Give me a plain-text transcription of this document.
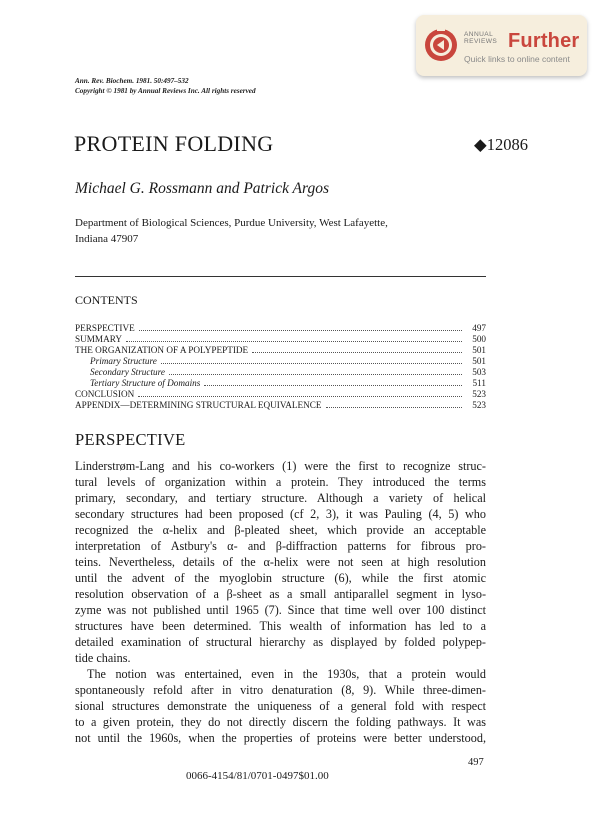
ANNUAL
REVIEWS Further
Quick links to online content
Ann. Rev. Biochem. 1981. 50:497–532
Copyright © 1981 by Annual Reviews Inc. All rights reserved
PROTEIN FOLDING	◆12086
Michael G. Rossmann and Patrick Argos
Department of Biological Sciences, Purdue University, West Lafayette,
Indiana 47907
CONTENTS
PERSPECTIVE	497
SUMMARY	500
THE ORGANIZATION OF A POLYPEPTIDE	501
Primary Structure	501
Secondary Structure	503
Tertiary Structure of Domains	511
CONCLUSION	523
APPENDIX—DETERMINING STRUCTURAL EQUIVALENCE	523
PERSPECTIVE
Linderstrøm-Lang and his co-workers (1) were the first to recognize struc-
tural levels of organization within a protein. They introduced the terms
primary, secondary, and tertiary structure. Although a variety of helical
secondary structures had been proposed (cf 2, 3), it was Pauling (4, 5) who
recognized the α-helix and β-pleated sheet, which provide an acceptable
interpretation of Astbury's α- and β-diffraction patterns for fibrous pro-
teins. Nevertheless, details of the α-helix were not seen at high resolution
until the advent of the myoglobin structure (6), while the first atomic
resolution observation of a β-sheet as a small antiparallel segment in lyso-
zyme was not published until 1965 (7). Since that time well over 100 distinct
structures have been determined. This wealth of information has led to a
detailed examination of structural hierarchy as displayed by folded polypep-
tide chains.
The notion was entertained, even in the 1930s, that a protein would
spontaneously refold after in vitro denaturation (8, 9). While three-dimen-
sional structures demonstrate the uniqueness of a general fold with respect
to a given protein, they do not directly discern the folding pathways. It was
not until the 1960s, when the properties of proteins were better understood,
497
0066-4154/81/0701-0497$01.00
